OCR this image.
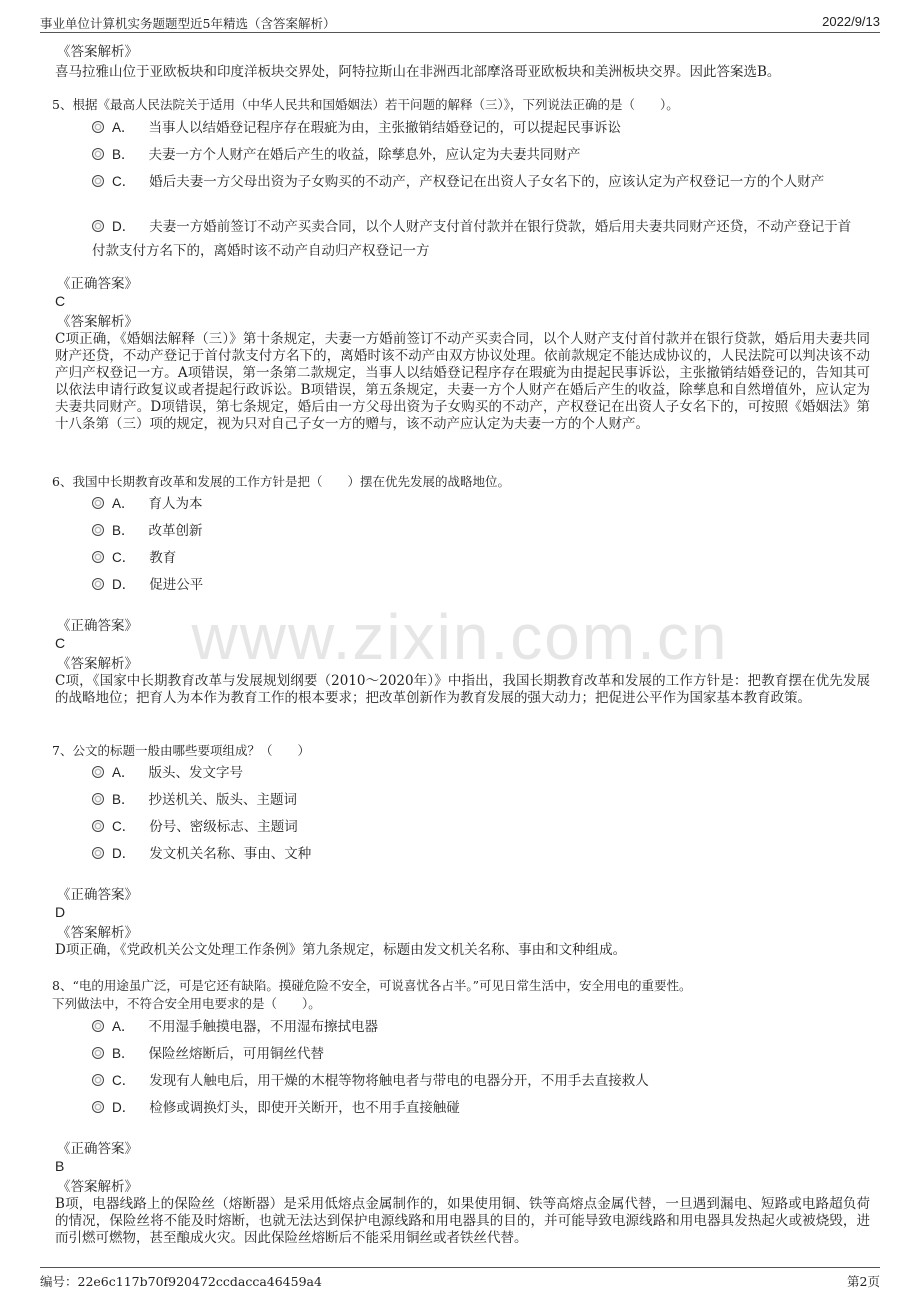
事业单位计算机实务题题型近5年精选（含答案解析）	2022/9/13
www.zixin.com.cn
《答案解析》

喜马拉雅山位于亚欧板块和印度洋板块交界处，阿特拉斯山在非洲西北部摩洛哥亚欧板块和美洲板块交界。因此答案选B。

5、根据《最高人民法院关于适用（中华人民共和国婚姻法）若干问题的解释（三）》，下列说法正确的是（　　）。
A． 当事人以结婚登记程序存在瑕疵为由，主张撤销结婚登记的，可以提起民事诉讼
B． 夫妻一方个人财产在婚后产生的收益，除孳息外，应认定为夫妻共同财产
C． 婚后夫妻一方父母出资为子女购买的不动产，产权登记在出资人子女名下的，应该认定为产权登记一方的个人财产
D． 夫妻一方婚前签订不动产买卖合同，以个人财产支付首付款并在银行贷款，婚后用夫妻共同财产还贷，不动产登记于首付款支付方名下的，离婚时该不动产自动归产权登记一方
《正确答案》
C
《答案解析》

C项正确，《婚姻法解释（三）》第十条规定，夫妻一方婚前签订不动产买卖合同，以个人财产支付首付款并在银行贷款，婚后用夫妻共同财产还贷，不动产登记于首付款支付方名下的，离婚时该不动产由双方协议处理。依前款规定不能达成协议的，人民法院可以判决该不动产归产权登记一方。A项错误，第一条第二款规定，当事人以结婚登记程序存在瑕疵为由提起民事诉讼，主张撤销结婚登记的，告知其可以依法申请行政复议或者提起行政诉讼。B项错误，第五条规定，夫妻一方个人财产在婚后产生的收益，除孳息和自然增值外，应认定为夫妻共同财产。D项错误，第七条规定，婚后由一方父母出资为子女购买的不动产，产权登记在出资人子女名下的，可按照《婚姻法》第十八条第（三）项的规定，视为只对自己子女一方的赠与，该不动产应认定为夫妻一方的个人财产。

6、我国中长期教育改革和发展的工作方针是把（　　）摆在优先发展的战略地位。
A． 育人为本
B． 改革创新
C． 教育
D． 促进公平
《正确答案》
C
《答案解析》

C项，《国家中长期教育改革与发展规划纲要（2010～2020年）》中指出，我国长期教育改革和发展的工作方针是：把教育摆在优先发展的战略地位；把育人为本作为教育工作的根本要求；把改革创新作为教育发展的强大动力；把促进公平作为国家基本教育政策。

7、公文的标题一般由哪些要项组成？（　　）
A． 版头、发文字号
B． 抄送机关、版头、主题词
C． 份号、密级标志、主题词
D． 发文机关名称、事由、文种
《正确答案》
D
《答案解析》

D项正确，《党政机关公文处理工作条例》第九条规定，标题由发文机关名称、事由和文种组成。

8、“电的用途虽广泛，可是它还有缺陷。摸碰危险不安全，可说喜忧各占半。”可见日常生活中，安全用电的重要性。
下列做法中，不符合安全用电要求的是（　　）。
A． 不用湿手触摸电器，不用湿布擦拭电器
B． 保险丝熔断后，可用铜丝代替
C． 发现有人触电后，用干燥的木棍等物将触电者与带电的电器分开，不用手去直接救人
D． 检修或调换灯头，即使开关断开，也不用手直接触碰
《正确答案》
B
《答案解析》

B项，电器线路上的保险丝（熔断器）是采用低熔点金属制作的，如果使用铜、铁等高熔点金属代替，一旦遇到漏电、短路或电路超负荷的情况，保险丝将不能及时熔断，也就无法达到保护电源线路和用电器具的目的，并可能导致电源线路和用电器具发热起火或被烧毁，进而引燃可燃物，甚至酿成火灾。因此保险丝熔断后不能采用铜丝或者铁丝代替。

编号：22e6c117b70f920472ccdacca46459a4	第2页
